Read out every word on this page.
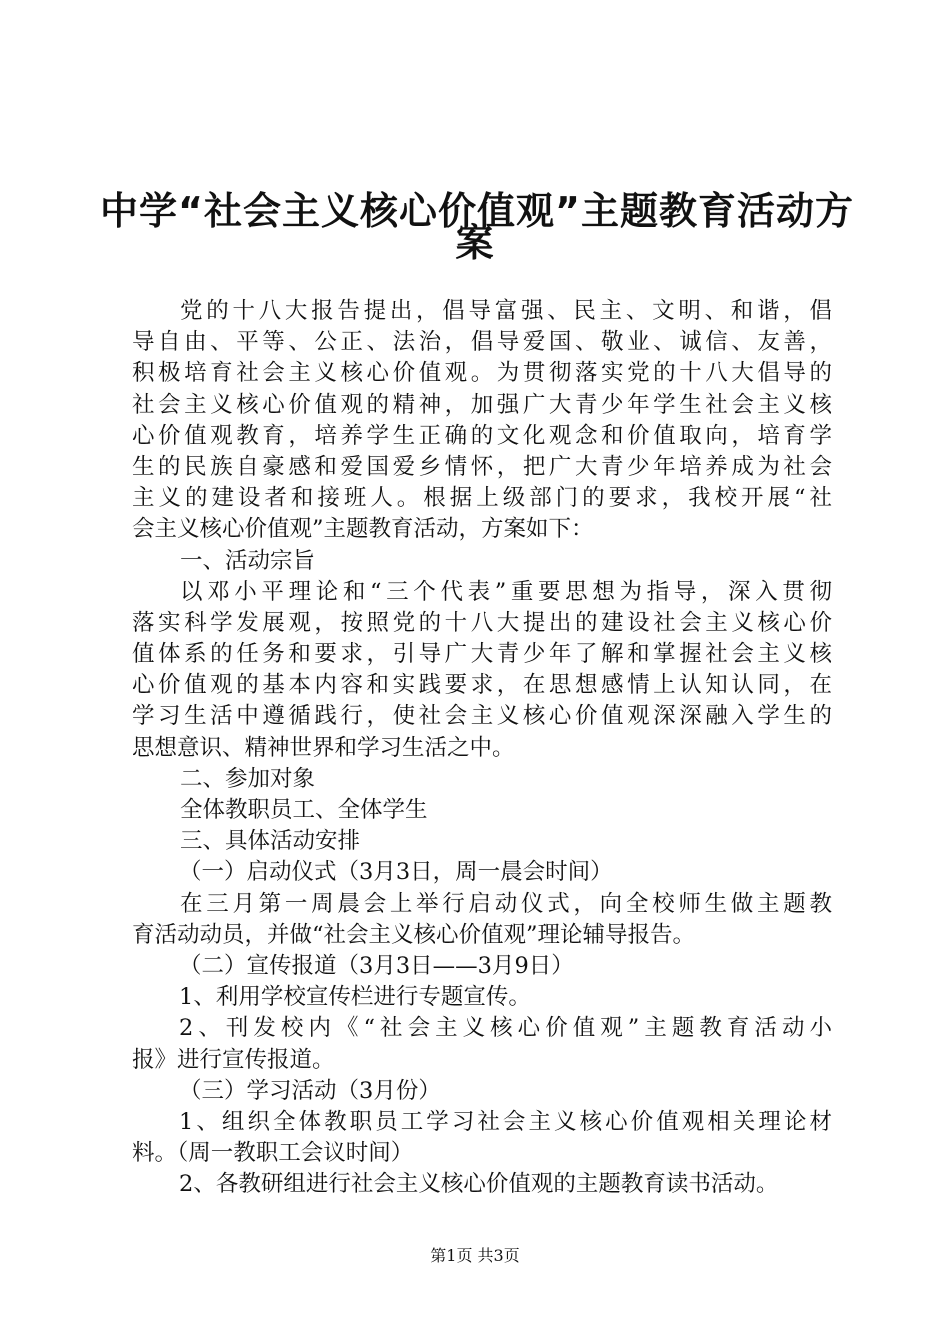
中学“社会主义核心价值观”主题教育活动方
案
党的十八大报告提出，倡导富强、民主、文明、和谐，倡
导自由、平等、公正、法治，倡导爱国、敬业、诚信、友善，
积极培育社会主义核心价值观。为贯彻落实党的十八大倡导的
社会主义核心价值观的精神，加强广大青少年学生社会主义核
心价值观教育，培养学生正确的文化观念和价值取向，培育学
生的民族自豪感和爱国爱乡情怀，把广大青少年培养成为社会
主义的建设者和接班人。根据上级部门的要求，我校开展“社
会主义核心价值观”主题教育活动，方案如下：
一、活动宗旨
以邓小平理论和“三个代表”重要思想为指导，深入贯彻
落实科学发展观，按照党的十八大提出的建设社会主义核心价
值体系的任务和要求，引导广大青少年了解和掌握社会主义核
心价值观的基本内容和实践要求，在思想感情上认知认同，在
学习生活中遵循践行，使社会主义核心价值观深深融入学生的
思想意识、精神世界和学习生活之中。
二、参加对象
全体教职员工、全体学生
三、具体活动安排
（一）启动仪式（3月3日，周一晨会时间）
在三月第一周晨会上举行启动仪式，向全校师生做主题教
育活动动员，并做“社会主义核心价值观”理论辅导报告。
（二）宣传报道（3月3日——3月9日）
1、利用学校宣传栏进行专题宣传。
2、刊发校内《“社会主义核心价值观”主题教育活动小
报》进行宣传报道。
（三）学习活动（3月份）
1、组织全体教职员工学习社会主义核心价值观相关理论材
料。（周一教职工会议时间）
2、各教研组进行社会主义核心价值观的主题教育读书活动。
第1页 共3页
